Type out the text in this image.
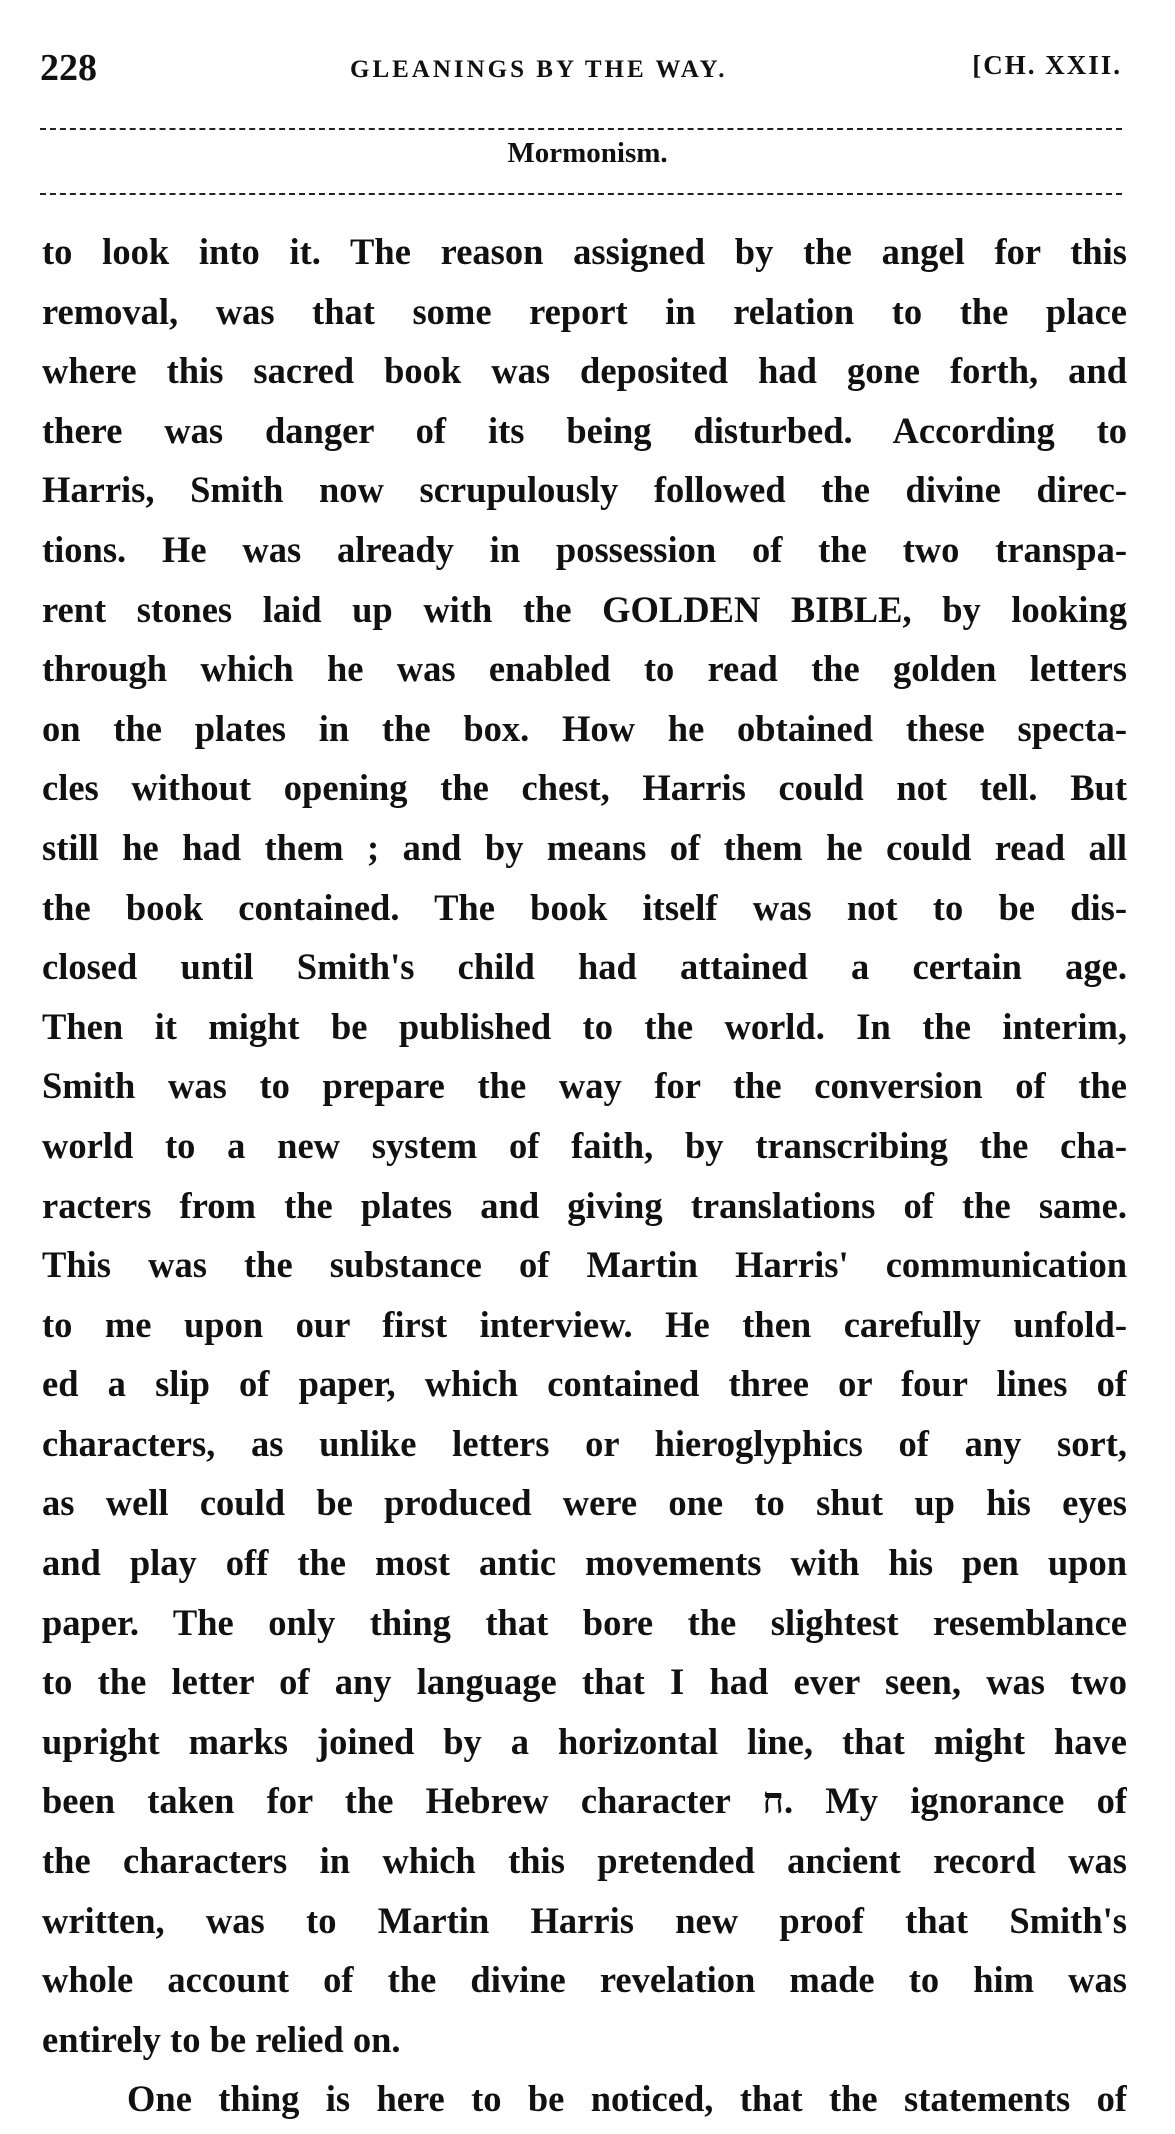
228	GLEANINGS BY THE WAY.	[CH. XXII.
Mormonism.
to look into it. The reason assigned by the angel for this
removal, was that some report in relation to the place
where this sacred book was deposited had gone forth, and
there was danger of its being disturbed. According to
Harris, Smith now scrupulously followed the divine direc-
tions. He was already in possession of the two transpa-
rent stones laid up with the GOLDEN BIBLE, by looking
through which he was enabled to read the golden letters
on the plates in the box. How he obtained these specta-
cles without opening the chest, Harris could not tell. But
still he had them ; and by means of them he could read all
the book contained. The book itself was not to be dis-
closed until Smith's child had attained a certain age.
Then it might be published to the world. In the interim,
Smith was to prepare the way for the conversion of the
world to a new system of faith, by transcribing the cha-
racters from the plates and giving translations of the same.
This was the substance of Martin Harris' communication
to me upon our first interview. He then carefully unfold-
ed a slip of paper, which contained three or four lines of
characters, as unlike letters or hieroglyphics of any sort,
as well could be produced were one to shut up his eyes
and play off the most antic movements with his pen upon
paper. The only thing that bore the slightest resemblance
to the letter of any language that I had ever seen, was two
upright marks joined by a horizontal line, that might have
been taken for the Hebrew character ח. My ignorance of
the characters in which this pretended ancient record was
written, was to Martin Harris new proof that Smith's
whole account of the divine revelation made to him was
entirely to be relied on.
One thing is here to be noticed, that the statements of
